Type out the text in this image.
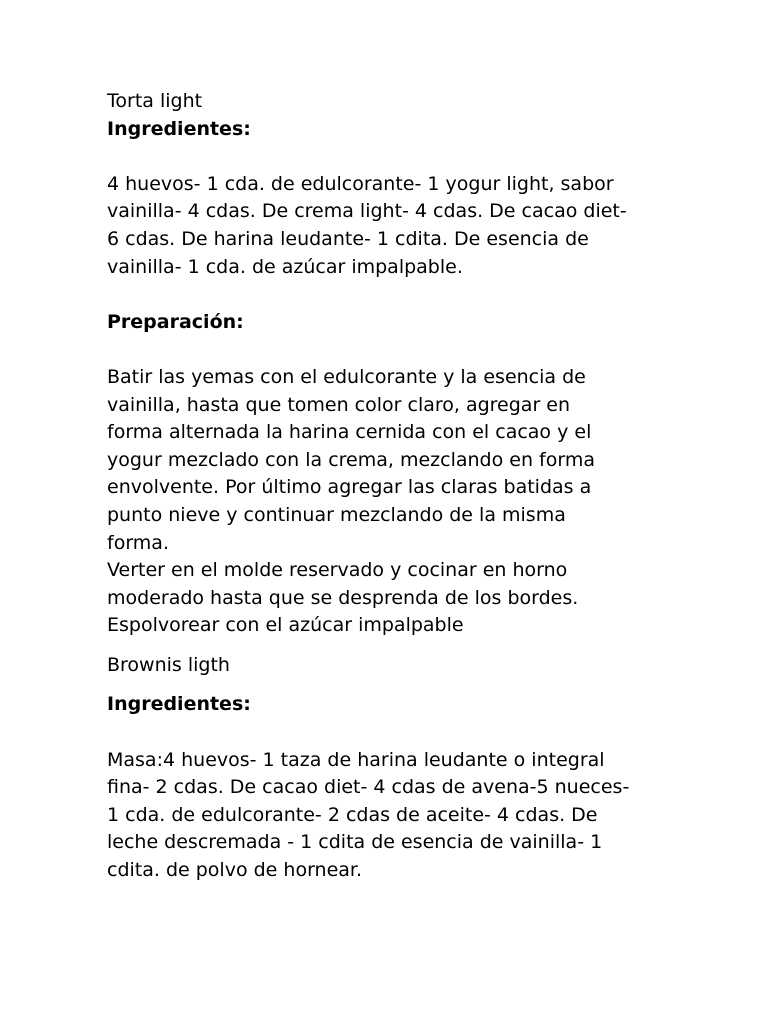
Torta light
Ingredientes:
4 huevos- 1 cda. de edulcorante- 1 yogur light, sabor
vainilla- 4 cdas. De crema light- 4 cdas. De cacao diet-
6 cdas. De harina leudante- 1 cdita. De esencia de
vainilla- 1 cda. de azúcar impalpable.
Preparación:
Batir las yemas con el edulcorante y la esencia de
vainilla, hasta que tomen color claro, agregar en
forma alternada la harina cernida con el cacao y el
yogur mezclado con la crema, mezclando en forma
envolvente. Por último agregar las claras batidas a
punto nieve y continuar mezclando de la misma
forma.
Verter en el molde reservado y cocinar en horno
moderado hasta que se desprenda de los bordes.
Espolvorear con el azúcar impalpable
Brownis ligth
Ingredientes:
Masa:4 huevos- 1 taza de harina leudante o integral
fina- 2 cdas. De cacao diet- 4 cdas de avena-5 nueces-
1 cda. de edulcorante- 2 cdas de aceite- 4 cdas. De
leche descremada - 1 cdita de esencia de vainilla- 1
cdita. de polvo de hornear.
